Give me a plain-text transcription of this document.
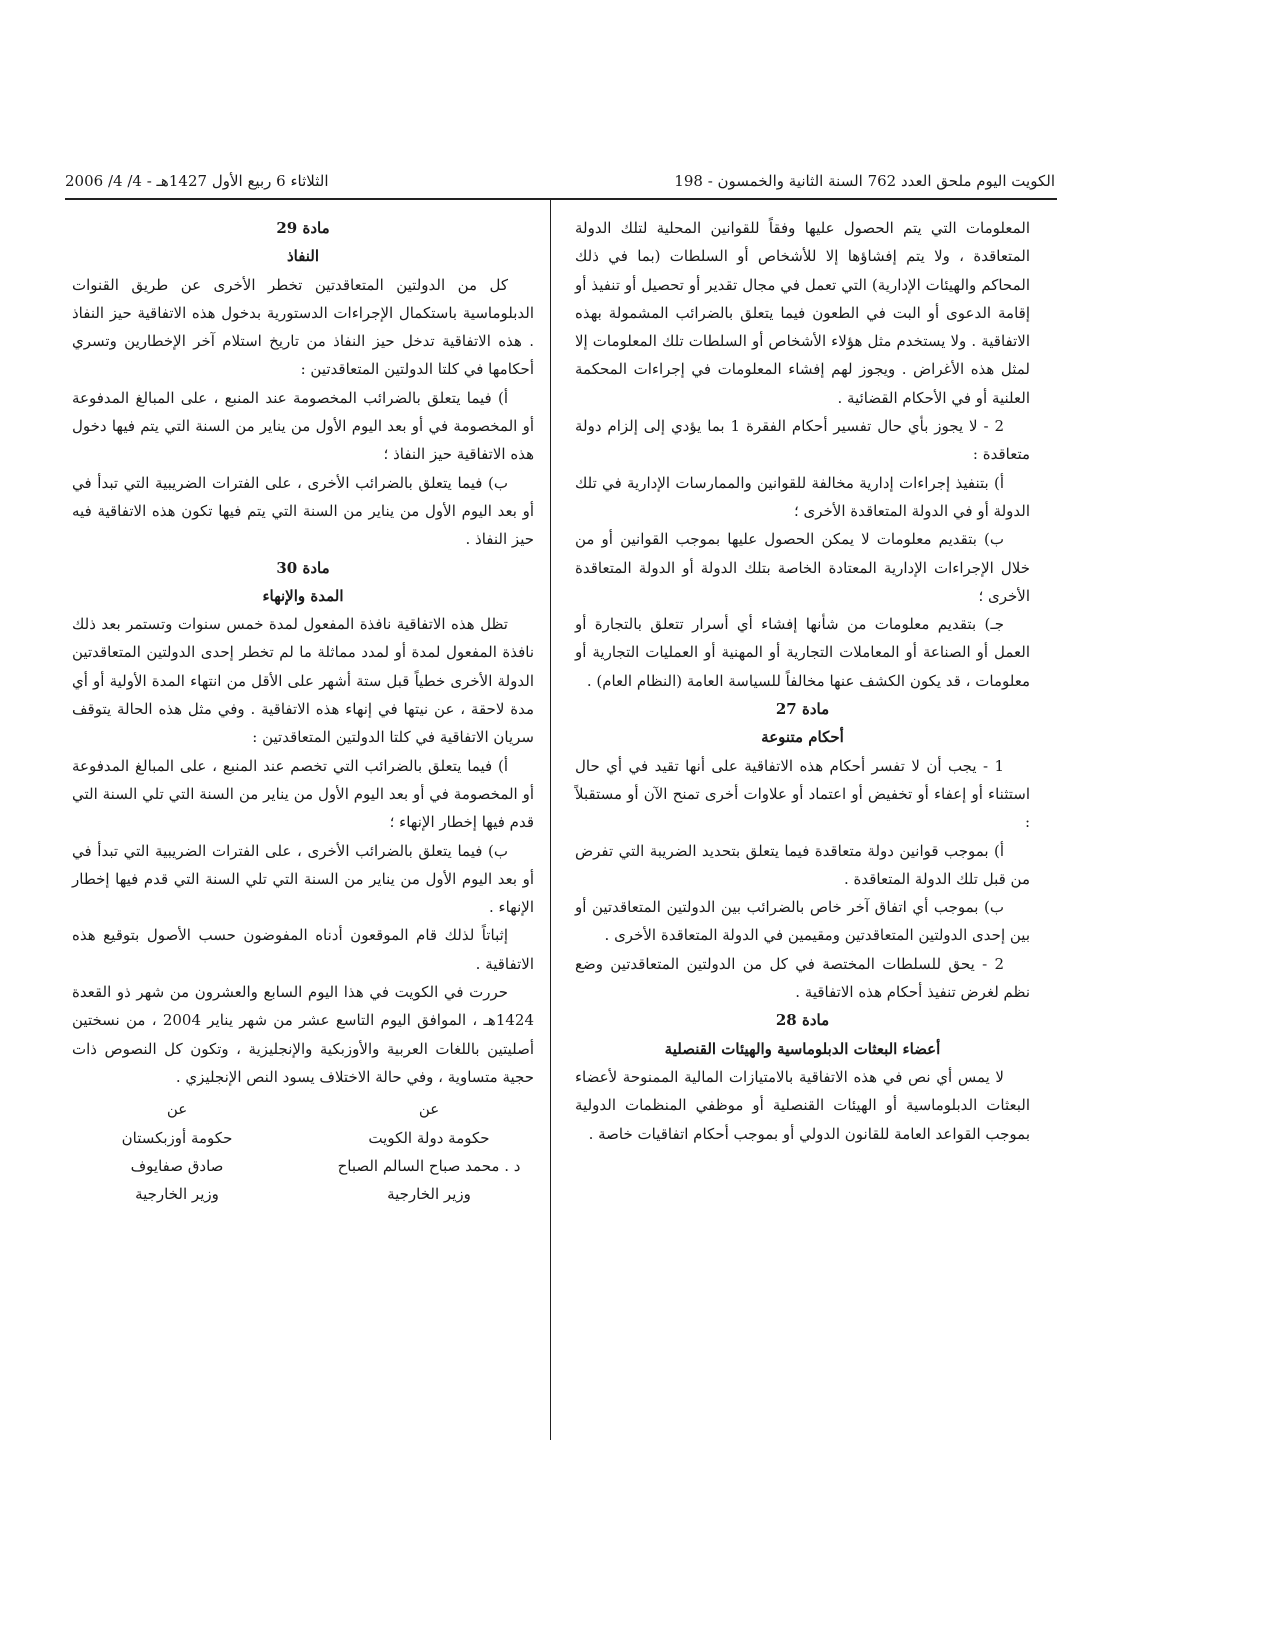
الكويت اليوم ملحق العدد 762 السنة الثانية والخمسون - 198
الثلاثاء 6 ربيع الأول 1427هـ - 4/ 4/ 2006

المعلومات التي يتم الحصول عليها وفقاً للقوانين المحلية لتلك الدولة المتعاقدة ، ولا يتم إفشاؤها إلا للأشخاص أو السلطات (بما في ذلك المحاكم والهيئات الإدارية) التي تعمل في مجال تقدير أو تحصيل أو تنفيذ أو إقامة الدعوى أو البت في الطعون فيما يتعلق بالضرائب المشمولة بهذه الاتفاقية . ولا يستخدم مثل هؤلاء الأشخاص أو السلطات تلك المعلومات إلا لمثل هذه الأغراض . ويجوز لهم إفشاء المعلومات في إجراءات المحكمة العلنية أو في الأحكام القضائية .

2 - لا يجوز بأي حال تفسير أحكام الفقرة 1 بما يؤدي إلى إلزام دولة متعاقدة :

أ) بتنفيذ إجراءات إدارية مخالفة للقوانين والممارسات الإدارية في تلك الدولة أو في الدولة المتعاقدة الأخرى ؛

ب) بتقديم معلومات لا يمكن الحصول عليها بموجب القوانين أو من خلال الإجراءات الإدارية المعتادة الخاصة بتلك الدولة أو الدولة المتعاقدة الأخرى ؛

جـ) بتقديم معلومات من شأنها إفشاء أي أسرار تتعلق بالتجارة أو العمل أو الصناعة أو المعاملات التجارية أو المهنية أو العمليات التجارية أو معلومات ، قد يكون الكشف عنها مخالفاً للسياسة العامة (النظام العام) .

مادة 27

أحكام متنوعة

1 - يجب أن لا تفسر أحكام هذه الاتفاقية على أنها تقيد في أي حال استثناء أو إعفاء أو تخفيض أو اعتماد أو علاوات أخرى تمنح الآن أو مستقبلاً :

أ) بموجب قوانين دولة متعاقدة فيما يتعلق بتحديد الضريبة التي تفرض من قبل تلك الدولة المتعاقدة .

ب) بموجب أي اتفاق آخر خاص بالضرائب بين الدولتين المتعاقدتين أو بين إحدى الدولتين المتعاقدتين ومقيمين في الدولة المتعاقدة الأخرى .

2 - يحق للسلطات المختصة في كل من الدولتين المتعاقدتين وضع نظم لغرض تنفيذ أحكام هذه الاتفاقية .

مادة 28

أعضاء البعثات الدبلوماسية والهيئات القنصلية

لا يمس أي نص في هذه الاتفاقية بالامتيازات المالية الممنوحة لأعضاء البعثات الدبلوماسية أو الهيئات القنصلية أو موظفي المنظمات الدولية بموجب القواعد العامة للقانون الدولي أو بموجب أحكام اتفاقيات خاصة .

مادة 29

النفاذ

كل من الدولتين المتعاقدتين تخطر الأخرى عن طريق القنوات الدبلوماسية باستكمال الإجراءات الدستورية بدخول هذه الاتفاقية حيز النفاذ . هذه الاتفاقية تدخل حيز النفاذ من تاريخ استلام آخر الإخطارين وتسري أحكامها في كلتا الدولتين المتعاقدتين :

أ) فيما يتعلق بالضرائب المخصومة عند المنبع ، على المبالغ المدفوعة أو المخصومة في أو بعد اليوم الأول من يناير من السنة التي يتم فيها دخول هذه الاتفاقية حيز النفاذ ؛

ب) فيما يتعلق بالضرائب الأخرى ، على الفترات الضريبية التي تبدأ في أو بعد اليوم الأول من يناير من السنة التي يتم فيها تكون هذه الاتفاقية فيه حيز النفاذ .

مادة 30

المدة والإنهاء

تظل هذه الاتفاقية نافذة المفعول لمدة خمس سنوات وتستمر بعد ذلك نافذة المفعول لمدة أو لمدد مماثلة ما لم تخطر إحدى الدولتين المتعاقدتين الدولة الأخرى خطياً قبل ستة أشهر على الأقل من انتهاء المدة الأولية أو أي مدة لاحقة ، عن نيتها في إنهاء هذه الاتفاقية . وفي مثل هذه الحالة يتوقف سريان الاتفاقية في كلتا الدولتين المتعاقدتين :

أ) فيما يتعلق بالضرائب التي تخصم عند المنبع ، على المبالغ المدفوعة أو المخصومة في أو بعد اليوم الأول من يناير من السنة التي تلي السنة التي قدم فيها إخطار الإنهاء ؛

ب) فيما يتعلق بالضرائب الأخرى ، على الفترات الضريبية التي تبدأ في أو بعد اليوم الأول من يناير من السنة التي تلي السنة التي قدم فيها إخطار الإنهاء .

إثباتاً لذلك قام الموقعون أدناه المفوضون حسب الأصول بتوقيع هذه الاتفاقية .

حررت في الكويت في هذا اليوم السابع والعشرون من شهر ذو القعدة 1424هـ ، الموافق اليوم التاسع عشر من شهر يناير 2004 ، من نسختين أصليتين باللغات العربية والأوزبكية والإنجليزية ، وتكون كل النصوص ذات حجية متساوية ، وفي حالة الاختلاف يسود النص الإنجليزي .

عن
حكومة دولة الكويت
د . محمد صباح السالم الصباح
وزير الخارجية
عن
حكومة أوزبكستان
صادق صفايوف
وزير الخارجية
